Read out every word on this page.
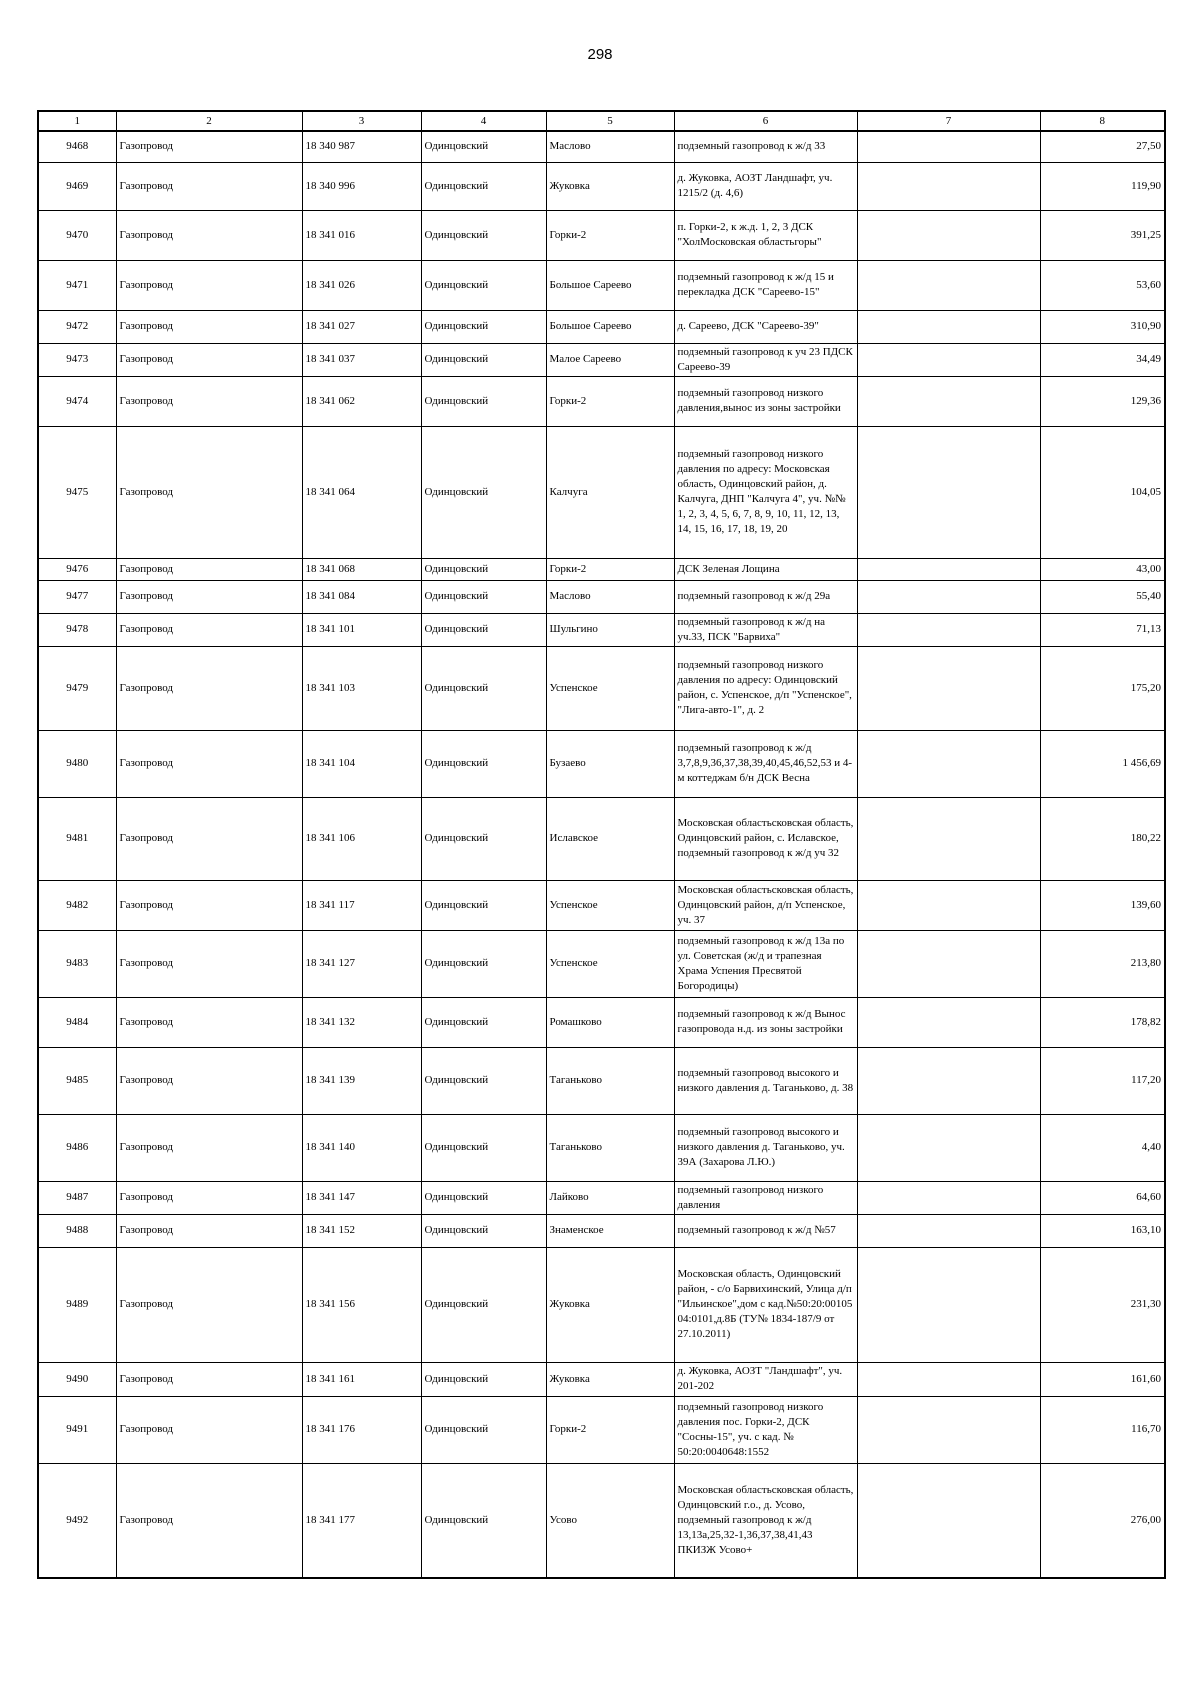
298
1	2	3	4	5	6	7	8
9468	Газопровод	18 340 987	Одинцовский	Маслово	подземный газопровод к ж/д 33		27,50
9469	Газопровод	18 340 996	Одинцовский	Жуковка	д. Жуковка, АОЗТ Ландшафт, уч. 1215/2 (д. 4,6)		119,90
9470	Газопровод	18 341 016	Одинцовский	Горки-2	п. Горки-2, к ж.д. 1, 2, 3 ДСК "ХолМосковская областьгоры"		391,25
9471	Газопровод	18 341 026	Одинцовский	Большое Сареево	подземный газопровод к ж/д 15 и перекладка ДСК "Сареево-15"		53,60
9472	Газопровод	18 341 027	Одинцовский	Большое Сареево	д. Сареево, ДСК "Сареево-39"		310,90
9473	Газопровод	18 341 037	Одинцовский	Малое Сареево	подземный газопровод к уч 23 ПДСК Сареево-39		34,49
9474	Газопровод	18 341 062	Одинцовский	Горки-2	подземный газопровод низкого давления,вынос из зоны застройки		129,36
9475	Газопровод	18 341 064	Одинцовский	Калчуга	подземный газопровод низкого давления по адресу: Московская область, Одинцовский район, д. Калчуга, ДНП "Калчуга 4", уч. №№ 1, 2, 3, 4, 5, 6, 7, 8, 9, 10, 11, 12, 13, 14, 15, 16, 17, 18, 19, 20		104,05
9476	Газопровод	18 341 068	Одинцовский	Горки-2	ДСК Зеленая Лощина		43,00
9477	Газопровод	18 341 084	Одинцовский	Маслово	подземный газопровод к ж/д 29а		55,40
9478	Газопровод	18 341 101	Одинцовский	Шульгино	подземный газопровод к ж/д на уч.33, ПСК "Барвиха"		71,13
9479	Газопровод	18 341 103	Одинцовский	Успенское	подземный газопровод низкого давления по адресу: Одинцовский район, с. Успенское, д/п "Успенское", "Лига-авто-1", д. 2		175,20
9480	Газопровод	18 341 104	Одинцовский	Бузаево	подземный газопровод к ж/д 3,7,8,9,36,37,38,39,40,45,46,52,53 и 4-м коттеджам б/н ДСК Весна		1 456,69
9481	Газопровод	18 341 106	Одинцовский	Иславское	Московская областьсковская область, Одинцовский район, с. Иславское, подземный газопровод к ж/д уч 32		180,22
9482	Газопровод	18 341 117	Одинцовский	Успенское	Московская областьсковская область, Одинцовский район, д/п Успенское, уч. 37		139,60
9483	Газопровод	18 341 127	Одинцовский	Успенское	подземный газопровод к ж/д 13а по ул. Советская (ж/д и трапезная Храма Успения Пресвятой Богородицы)		213,80
9484	Газопровод	18 341 132	Одинцовский	Ромашково	подземный газопровод к ж/д Вынос газопровода н.д. из зоны застройки		178,82
9485	Газопровод	18 341 139	Одинцовский	Таганьково	подземный газопровод высокого и низкого давления д. Таганьково, д. 38		117,20
9486	Газопровод	18 341 140	Одинцовский	Таганьково	подземный газопровод высокого и низкого давления д. Таганьково, уч. 39А (Захарова Л.Ю.)		4,40
9487	Газопровод	18 341 147	Одинцовский	Лайково	подземный газопровод низкого давления		64,60
9488	Газопровод	18 341 152	Одинцовский	Знаменское	подземный газопровод к ж/д №57		163,10
9489	Газопровод	18 341 156	Одинцовский	Жуковка	Московская область, Одинцовский район, - с/о Барвихинский, Улица д/п "Ильинское",дом с кад.№50:20:00105 04:0101,д.8Б (ТУ№ 1834-187/9 от 27.10.2011)		231,30
9490	Газопровод	18 341 161	Одинцовский	Жуковка	д. Жуковка, АОЗТ "Ландшафт", уч. 201-202		161,60
9491	Газопровод	18 341 176	Одинцовский	Горки-2	подземный газопровод низкого давления пос. Горки-2, ДСК "Сосны-15", уч. с кад. № 50:20:0040648:1552		116,70
9492	Газопровод	18 341 177	Одинцовский	Усово	Московская областьсковская область, Одинцовский г.о., д. Усово, подземный газопровод к ж/д 13,13а,25,32-1,36,37,38,41,43 ПКИЗЖ Усово+		276,00
